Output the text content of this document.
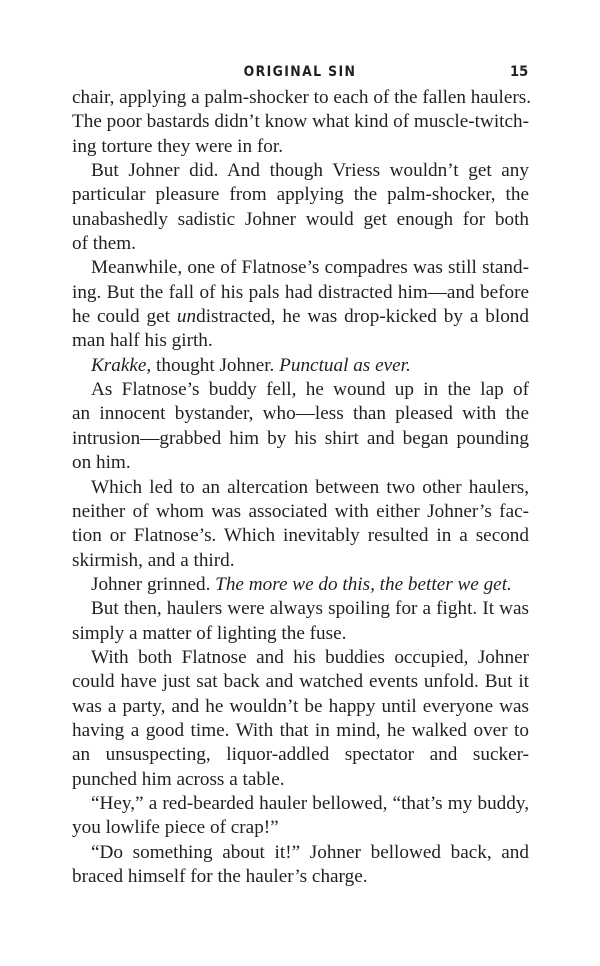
ORIGINAL SIN	15
chair, applying a palm-shocker to each of the fallen haulers.
The poor bastards didn’t know what kind of muscle-twitch-
ing torture they were in for.
But Johner did. And though Vriess wouldn’t get any
particular pleasure from applying the palm-shocker, the
unabashedly sadistic Johner would get enough for both
of them.
Meanwhile, one of Flatnose’s compadres was still stand-
ing. But the fall of his pals had distracted him—and before
he could get undistracted, he was drop-kicked by a blond
man half his girth.
Krakke, thought Johner. Punctual as ever.
As Flatnose’s buddy fell, he wound up in the lap of
an innocent bystander, who—less than pleased with the
intrusion—grabbed him by his shirt and began pounding
on him.
Which led to an altercation between two other haulers,
neither of whom was associated with either Johner’s fac-
tion or Flatnose’s. Which inevitably resulted in a second
skirmish, and a third.
Johner grinned. The more we do this, the better we get.
But then, haulers were always spoiling for a fight. It was
simply a matter of lighting the fuse.
With both Flatnose and his buddies occupied, Johner
could have just sat back and watched events unfold. But it
was a party, and he wouldn’t be happy until everyone was
having a good time. With that in mind, he walked over to
an unsuspecting, liquor-addled spectator and sucker-
punched him across a table.
“Hey,” a red-bearded hauler bellowed, “that’s my buddy,
you lowlife piece of crap!”
“Do something about it!” Johner bellowed back, and
braced himself for the hauler’s charge.
